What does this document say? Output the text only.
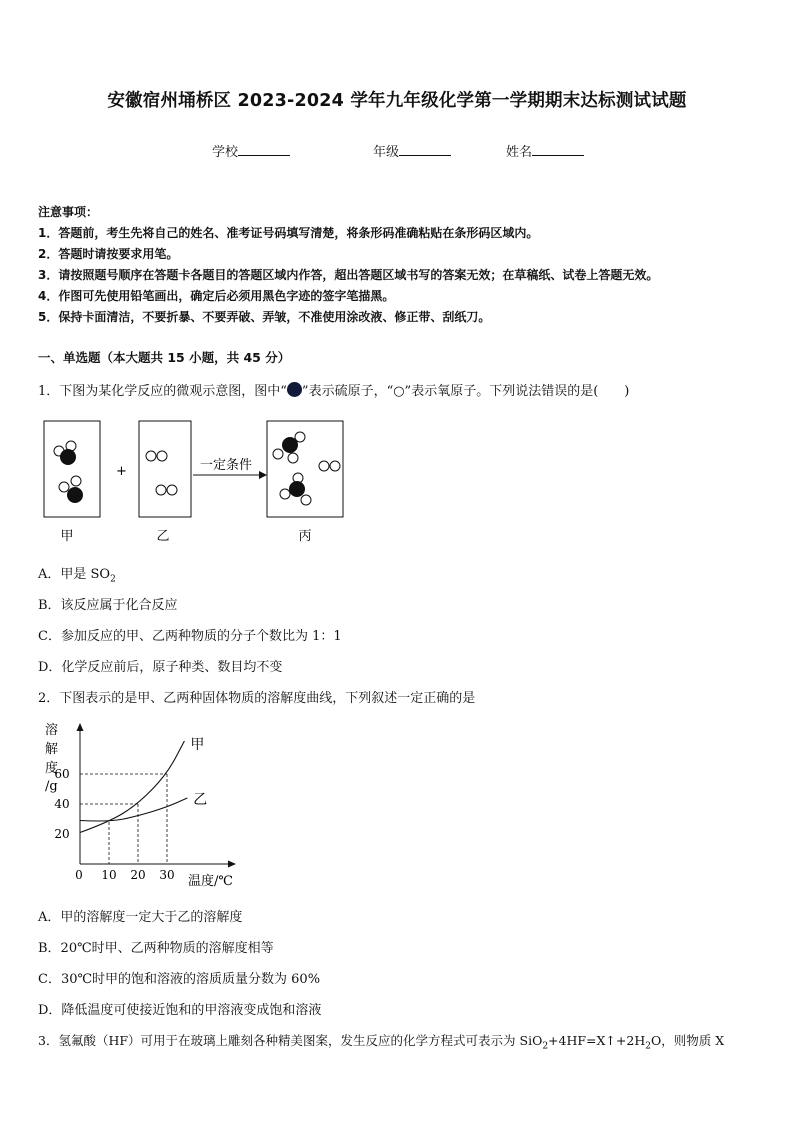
安徽宿州埇桥区 2023-2024 学年九年级化学第一学期期末达标测试试题
学校	年级	姓名
注意事项：
1．答题前，考生先将自己的姓名、准考证号码填写清楚，将条形码准确粘贴在条形码区域内。
2．答题时请按要求用笔。
3．请按照题号顺序在答题卡各题目的答题区域内作答，超出答题区域书写的答案无效；在草稿纸、试卷上答题无效。
4．作图可先使用铅笔画出，确定后必须用黑色字迹的签字笔描黑。
5．保持卡面清洁，不要折暴、不要弄破、弄皱，不准使用涂改液、修正带、刮纸刀。
一、单选题（本大题共 15 小题，共 45 分）
1．下图为某化学反应的微观示意图，图中“ ”表示硫原子，“○”表示氧原子。下列说法错误的是(　　)
+	一定条件
甲	乙	丙
A．甲是 $SO_2$
B．该反应属于化合反应
C．参加反应的甲、乙两种物质的分子个数比为 1：1
D．化学反应前后，原子种类、数目均不变
2．下图表示的是甲、乙两种固体物质的溶解度曲线，下列叙述一定正确的是
溶
解
度
/g
温度/℃
0 10 20 30
20
40
60
甲
乙
A．甲的溶解度一定大于乙的溶解度
B．20℃时甲、乙两种物质的溶解度相等
C．30℃时甲的饱和溶液的溶质质量分数为 60%
D．降低温度可使接近饱和的甲溶液变成饱和溶液
3．氢氟酸（HF）可用于在玻璃上雕刻各种精美图案，发生反应的化学方程式可表示为 $SiO_2+4HF=X↑+2H_2O$，则物质 X
